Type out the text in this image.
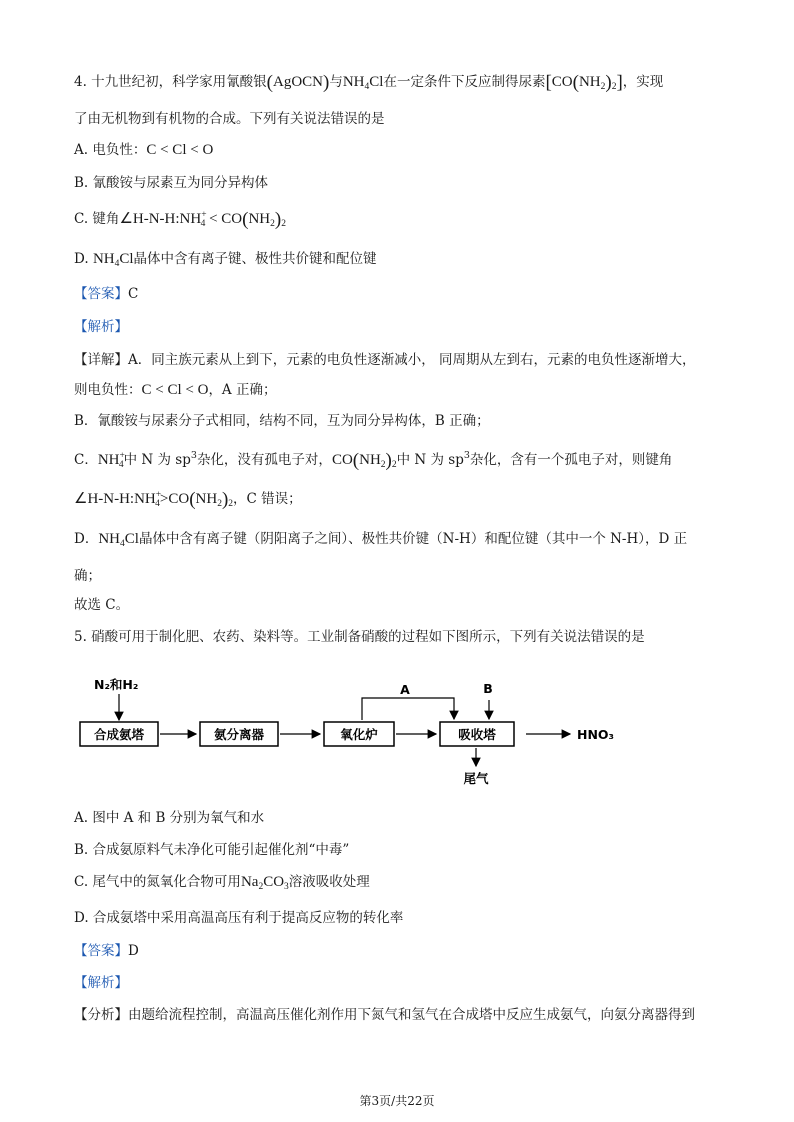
4. 十九世纪初，科学家用氰酸银(AgOCN)与$NH_4Cl$在一定条件下反应制得尿素$[CO(NH_2)_2]$，实现
了由无机物到有机物的合成。下列有关说法错误的是
A. 电负性：C < Cl < O
B. 氰酸铵与尿素互为同分异构体
C. 键角$\angle H-N-H:NH^+_4 < CO(NH_2)_2$
D. $NH_4Cl$晶体中含有离子键、极性共价键和配位键
【答案】C
【解析】
【详解】A．同主族元素从上到下，元素的电负性逐渐减小， 同周期从左到右，元素的电负性逐渐增大，
则电负性：C < Cl < O，A 正确；
B．氰酸铵与尿素分子式相同，结构不同，互为同分异构体，B 正确；
C．$NH^+_4$中 N 为 $sp^3$杂化，没有孤电子对，$CO(NH_2)_2$中 N 为 $sp^3$杂化，含有一个孤电子对，则键角
$\angle H-N-H:NH^+_4>CO(NH_2)_2$，C 错误；
D．$NH_4Cl$晶体中含有离子键（阴阳离子之间）、极性共价键（N-H）和配位键（其中一个 N-H），D 正
确；
故选 C。
5. 硝酸可用于制化肥、农药、染料等。工业制备硝酸的过程如下图所示，下列有关说法错误的是
N₂和H₂
合成氨塔	氨分离器	氧化炉	吸收塔
A	B
HNO₃
尾气
A. 图中 A 和 B 分别为氧气和水
B. 合成氨原料气未净化可能引起催化剂“中毒”
C. 尾气中的氮氧化合物可用$Na_2CO_3$溶液吸收处理
D. 合成氨塔中采用高温高压有利于提高反应物的转化率
【答案】D
【解析】
【分析】由题给流程控制，高温高压催化剂作用下氮气和氢气在合成塔中反应生成氨气，向氨分离器得到
第3页/共22页
